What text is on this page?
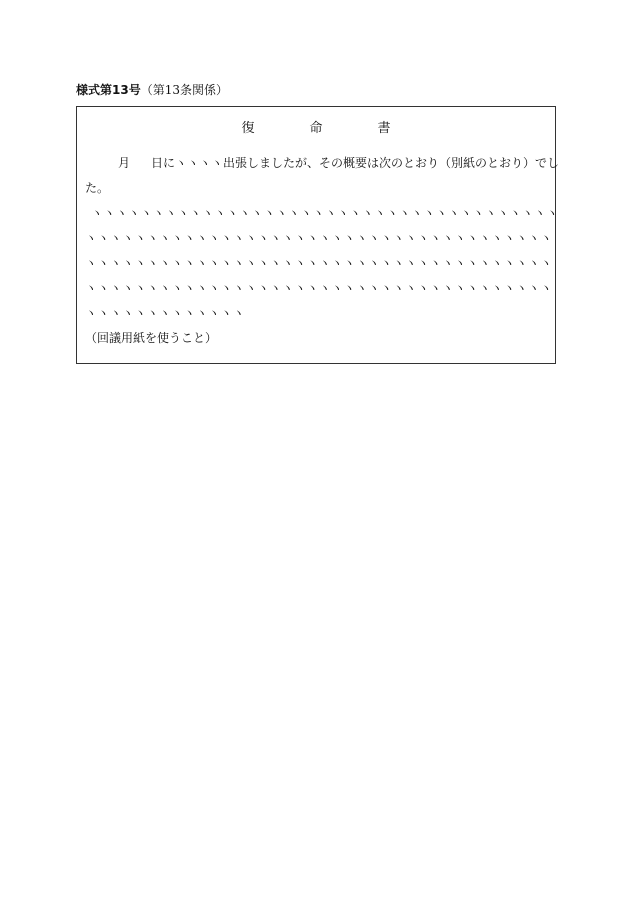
様式第13号（第13条関係）
復	命	書
月 日にヽヽヽヽ出張しましたが、その概要は次のとおり（別紙のとおり）でし
た。
ヽヽヽヽヽヽヽヽヽヽヽヽヽヽヽヽヽヽヽヽヽヽヽヽヽヽヽヽヽヽヽヽヽヽヽヽヽヽ
ヽヽヽヽヽヽヽヽヽヽヽヽヽヽヽヽヽヽヽヽヽヽヽヽヽヽヽヽヽヽヽヽヽヽヽヽヽヽ
ヽヽヽヽヽヽヽヽヽヽヽヽヽヽヽヽヽヽヽヽヽヽヽヽヽヽヽヽヽヽヽヽヽヽヽヽヽヽ
ヽヽヽヽヽヽヽヽヽヽヽヽヽヽヽヽヽヽヽヽヽヽヽヽヽヽヽヽヽヽヽヽヽヽヽヽヽヽ
ヽヽヽヽヽヽヽヽヽヽヽヽヽ
（回議用紙を使うこと）
